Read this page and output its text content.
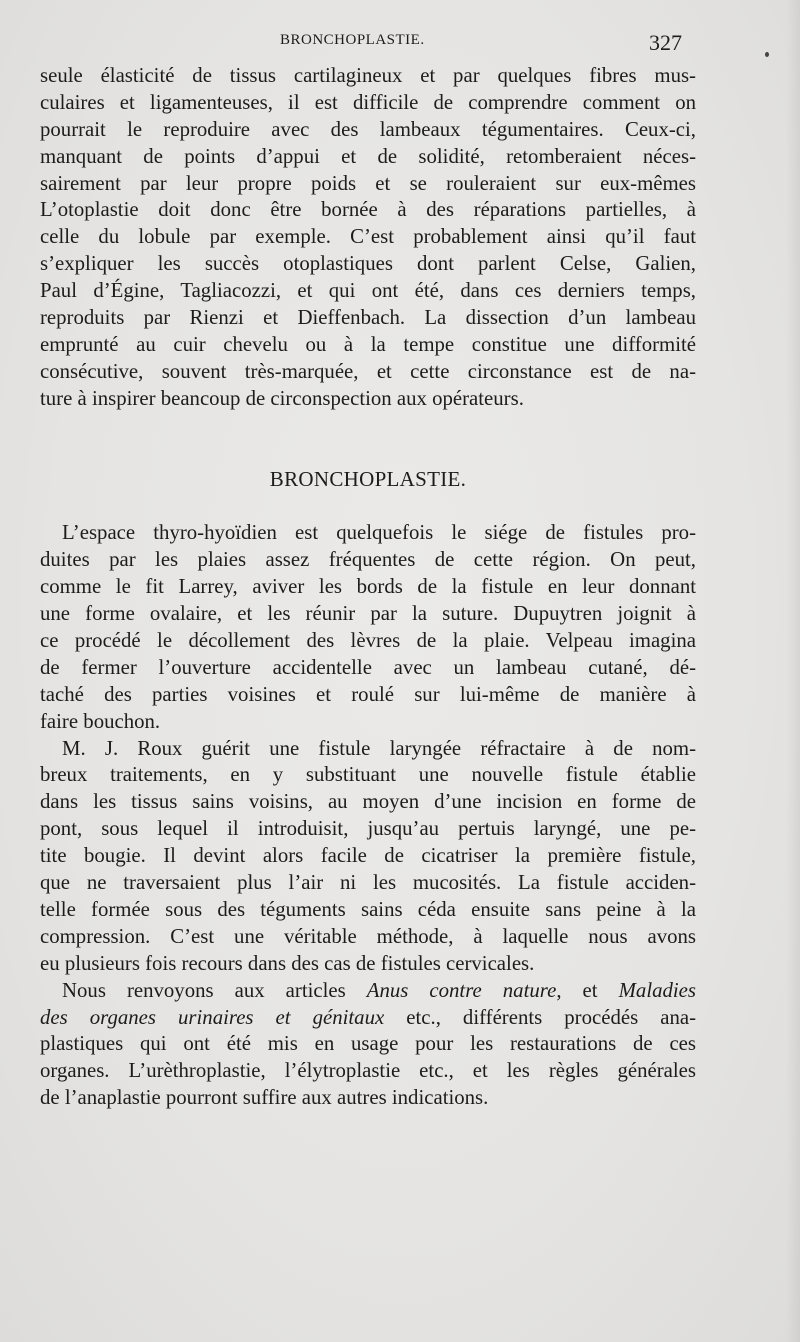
BRONCHOPLASTIE.	327
seule élasticité de tissus cartilagineux et par quelques fibres mus-
culaires et ligamenteuses, il est difficile de comprendre comment on
pourrait le reproduire avec des lambeaux tégumentaires. Ceux-ci,
manquant de points d’appui et de solidité, retomberaient néces-
sairement par leur propre poids et se rouleraient sur eux-mêmes
L’otoplastie doit donc être bornée à des réparations partielles, à
celle du lobule par exemple. C’est probablement ainsi qu’il faut
s’expliquer les succès otoplastiques dont parlent Celse, Galien,
Paul d’Égine, Tagliacozzi, et qui ont été, dans ces derniers temps,
reproduits par Rienzi et Dieffenbach. La dissection d’un lambeau
emprunté au cuir chevelu ou à la tempe constitue une difformité
consécutive, souvent très-marquée, et cette circonstance est de na-
ture à inspirer beancoup de circonspection aux opérateurs.
BRONCHOPLASTIE.
L’espace thyro-hyoïdien est quelquefois le siége de fistules pro-
duites par les plaies assez fréquentes de cette région. On peut,
comme le fit Larrey, aviver les bords de la fistule en leur donnant
une forme ovalaire, et les réunir par la suture. Dupuytren joignit à
ce procédé le décollement des lèvres de la plaie. Velpeau imagina
de fermer l’ouverture accidentelle avec un lambeau cutané, dé-
taché des parties voisines et roulé sur lui-même de manière à
faire bouchon.
M. J. Roux guérit une fistule laryngée réfractaire à de nom-
breux traitements, en y substituant une nouvelle fistule établie
dans les tissus sains voisins, au moyen d’une incision en forme de
pont, sous lequel il introduisit, jusqu’au pertuis laryngé, une pe-
tite bougie. Il devint alors facile de cicatriser la première fistule,
que ne traversaient plus l’air ni les mucosités. La fistule acciden-
telle formée sous des téguments sains céda ensuite sans peine à la
compression. C’est une véritable méthode, à laquelle nous avons
eu plusieurs fois recours dans des cas de fistules cervicales.
Nous renvoyons aux articles Anus contre nature, et Maladies
des organes urinaires et génitaux etc., différents procédés ana-
plastiques qui ont été mis en usage pour les restaurations de ces
organes. L’urèthroplastie, l’élytroplastie etc., et les règles générales
de l’anaplastie pourront suffire aux autres indications.
